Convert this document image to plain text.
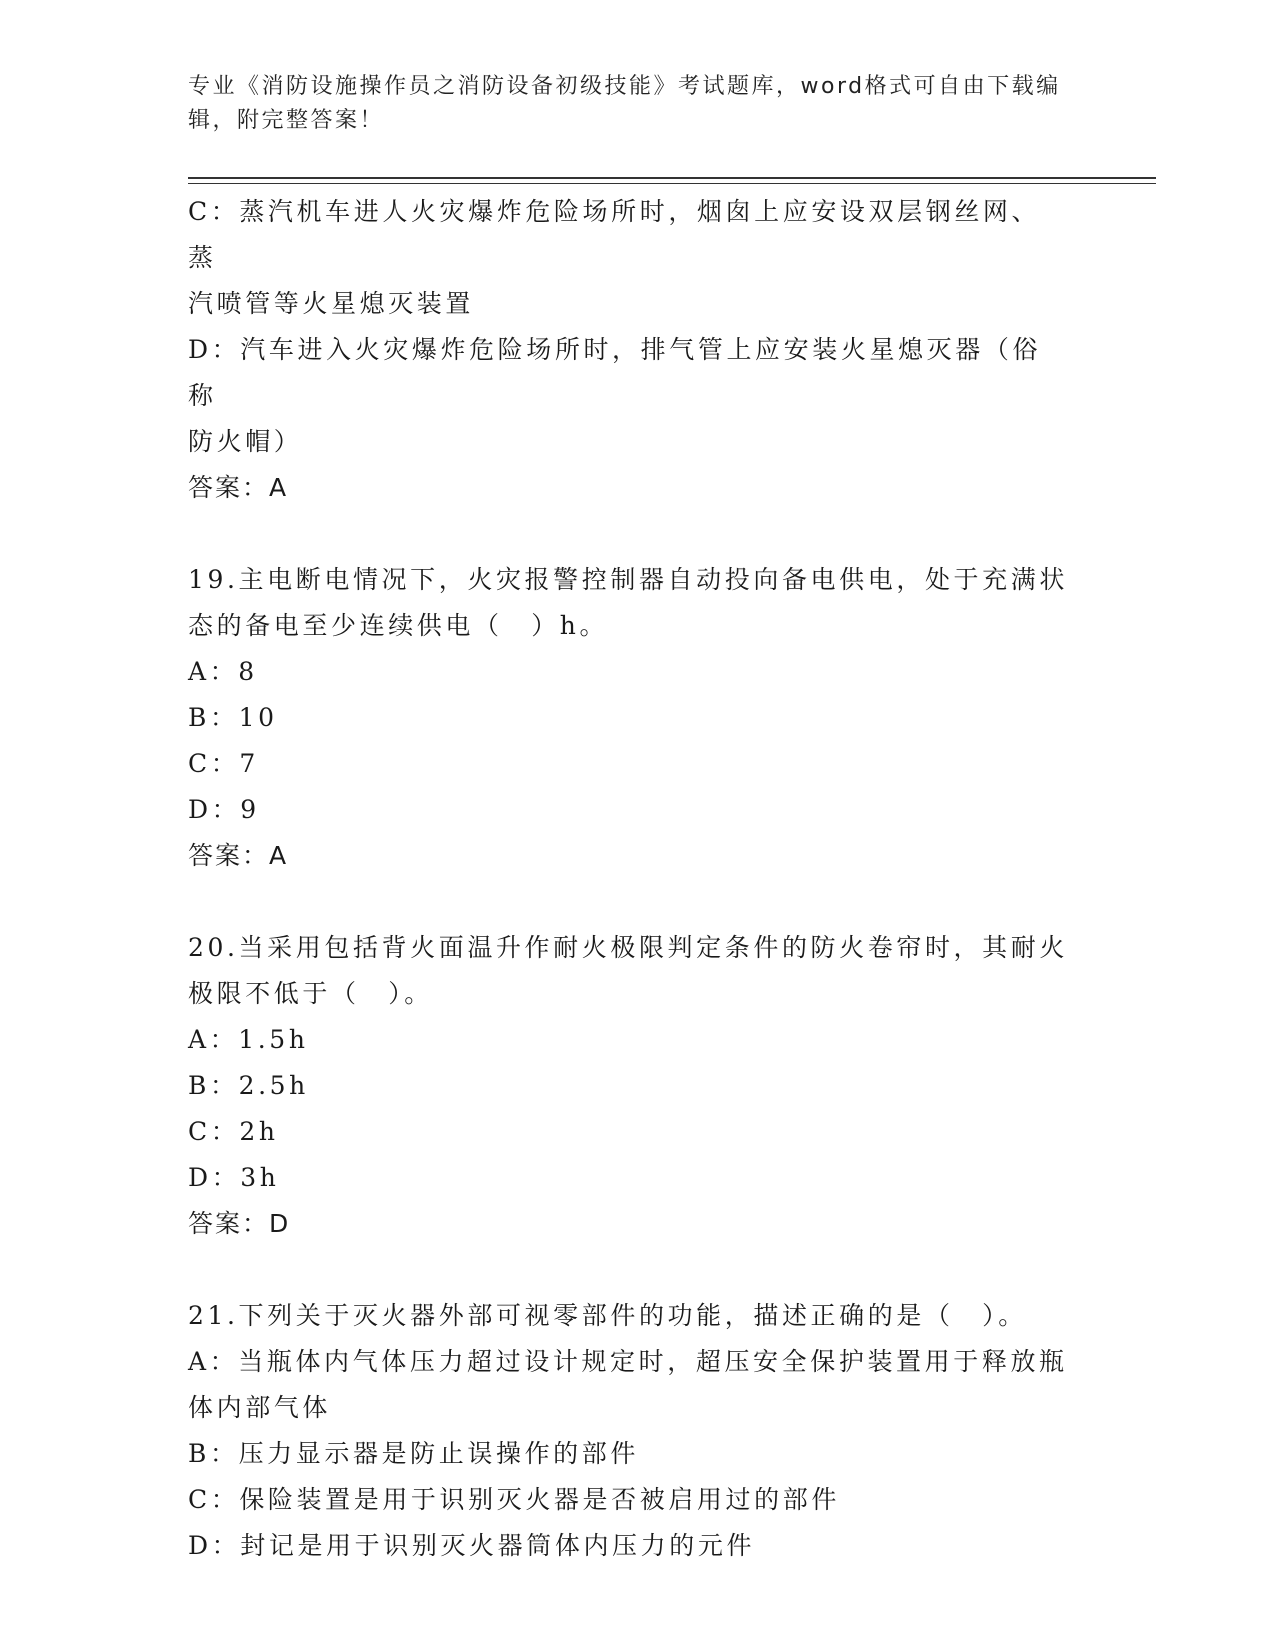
专业《消防设施操作员之消防设备初级技能》考试题库，word格式可自由下载编
辑，附完整答案！

C：蒸汽机车进人火灾爆炸危险场所时，烟囱上应安设双层钢丝网、蒸

汽喷管等火星熄灭装置

D：汽车进入火灾爆炸危险场所时，排气管上应安装火星熄灭器（俗称

防火帽）

答案：A

19.主电断电情况下，火灾报警控制器自动投向备电供电，处于充满状

态的备电至少连续供电（　）h。

A：8

B：10

C：7

D：9

答案：A

20.当采用包括背火面温升作耐火极限判定条件的防火卷帘时，其耐火

极限不低于（　）。

A：1.5h

B：2.5h

C：2h

D：3h

答案：D

21.下列关于灭火器外部可视零部件的功能，描述正确的是（　）。

A：当瓶体内气体压力超过设计规定时，超压安全保护装置用于释放瓶

体内部气体

B：压力显示器是防止误操作的部件

C：保险装置是用于识别灭火器是否被启用过的部件

D：封记是用于识别灭火器筒体内压力的元件
